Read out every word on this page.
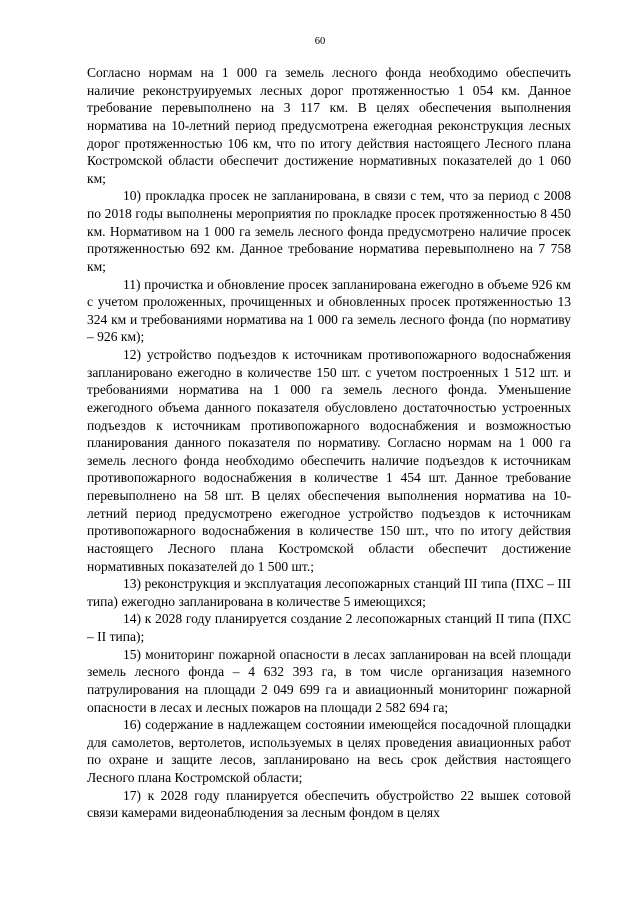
60

Согласно нормам на 1 000 га земель лесного фонда необходимо обеспечить наличие реконструируемых лесных дорог протяженностью 1 054 км. Данное требование перевыполнено на 3 117 км. В целях обеспечения выполнения норматива на 10-летний период предусмотрена ежегодная реконструкция лесных дорог протяженностью 106 км, что по итогу действия настоящего Лесного плана Костромской области обеспечит достижение нормативных показателей до 1 060 км;

10) прокладка просек не запланирована, в связи с тем, что за период с 2008 по 2018 годы выполнены мероприятия по прокладке просек протяженностью 8 450 км. Нормативом на 1 000 га земель лесного фонда предусмотрено наличие просек протяженностью 692 км. Данное требование норматива перевыполнено на 7 758 км;

11) прочистка и обновление просек запланирована ежегодно в объеме 926 км с учетом проложенных, прочищенных и обновленных просек протяженностью 13 324 км и требованиями норматива на 1 000 га земель лесного фонда (по нормативу – 926 км);

12) устройство подъездов к источникам противопожарного водоснабжения запланировано ежегодно в количестве 150 шт. с учетом построенных 1 512 шт. и требованиями норматива на 1 000 га земель лесного фонда. Уменьшение ежегодного объема данного показателя обусловлено достаточностью устроенных подъездов к источникам противопожарного водоснабжения и возможностью планирования данного показателя по нормативу. Согласно нормам на 1 000 га земель лесного фонда необходимо обеспечить наличие подъездов к источникам противопожарного водоснабжения в количестве 1 454 шт. Данное требование перевыполнено на 58 шт. В целях обеспечения выполнения норматива на 10-летний период предусмотрено ежегодное устройство подъездов к источникам противопожарного водоснабжения в количестве 150 шт., что по итогу действия настоящего Лесного плана Костромской области обеспечит достижение нормативных показателей до 1 500 шт.;

13) реконструкция и эксплуатация лесопожарных станций III типа (ПХС – III типа) ежегодно запланирована в количестве 5 имеющихся;

14) к 2028 году планируется создание 2 лесопожарных станций II типа (ПХС – II типа);

15) мониторинг пожарной опасности в лесах запланирован на всей площади земель лесного фонда – 4 632 393 га, в том числе организация наземного патрулирования на площади 2 049 699 га и авиационный мониторинг пожарной опасности в лесах и лесных пожаров на площади 2 582 694 га;

16) содержание в надлежащем состоянии имеющейся посадочной площадки для самолетов, вертолетов, используемых в целях проведения авиационных работ по охране и защите лесов, запланировано на весь срок действия настоящего Лесного плана Костромской области;

17) к 2028 году планируется обеспечить обустройство 22 вышек сотовой связи камерами видеонаблюдения за лесным фондом в целях
